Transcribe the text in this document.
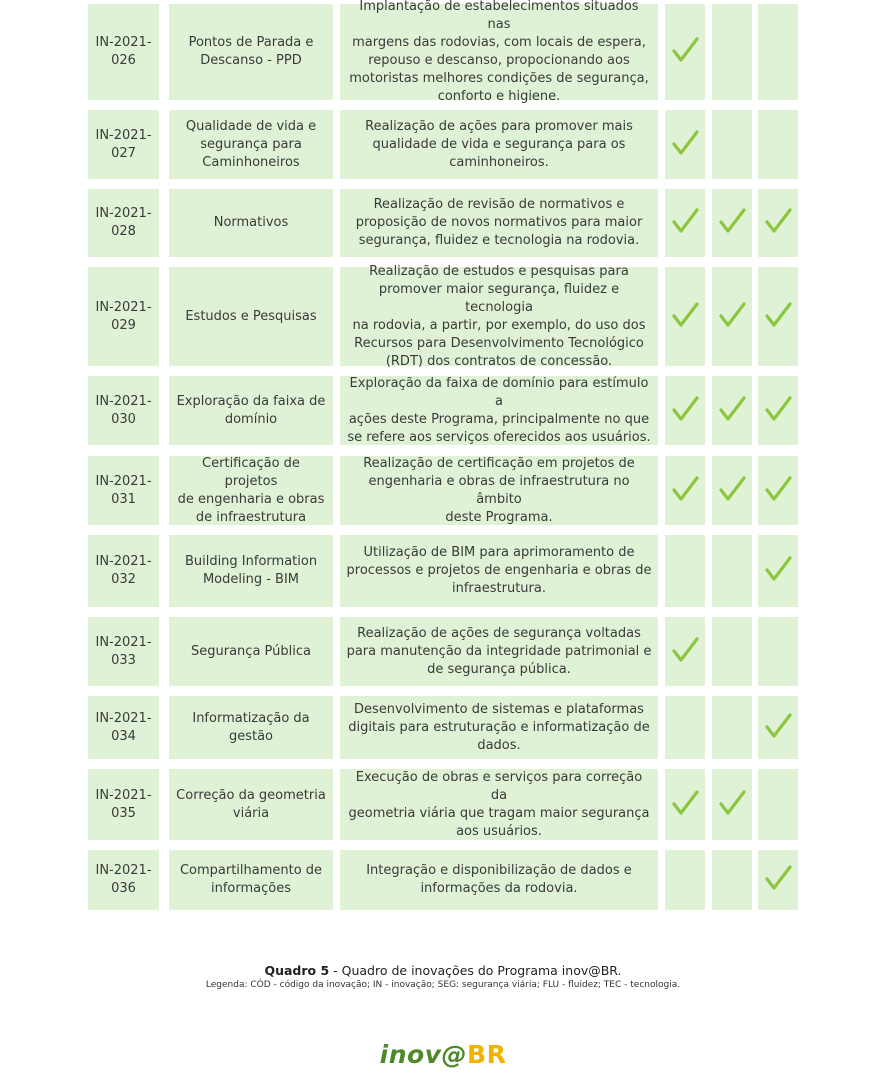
IN-2021-
026
Pontos de Parada e
Descanso - PPD
Implantação de estabelecimentos situados nas
margens das rodovias, com locais de espera,
repouso e descanso, propocionando aos
motoristas melhores condições de segurança,
conforto e higiene.
IN-2021-
027
Qualidade de vida e
segurança para
Caminhoneiros
Realização de ações para promover mais
qualidade de vida e segurança para os
caminhoneiros.
IN-2021-
028
Normativos
Realização de revisão de normativos e
proposição de novos normativos para maior
segurança, fluidez e tecnologia na rodovia.
IN-2021-
029
Estudos e Pesquisas
Realização de estudos e pesquisas para
promover maior segurança, fluidez e tecnologia
na rodovia, a partir, por exemplo, do uso dos
Recursos para Desenvolvimento Tecnológico
(RDT) dos contratos de concessão.
IN-2021-
030
Exploração da faixa de
domínio
Exploração da faixa de domínio para estímulo a
ações deste Programa, principalmente no que
se refere aos serviços oferecidos aos usuários.
IN-2021-
031
Certificação de projetos
de engenharia e obras
de infraestrutura
Realização de certificação em projetos de
engenharia e obras de infraestrutura no âmbito
deste Programa.
IN-2021-
032
Building Information
Modeling - BIM
Utilização de BIM para aprimoramento de
processos e projetos de engenharia e obras de
infraestrutura.
IN-2021-
033
Segurança Pública
Realização de ações de segurança voltadas
para manutenção da integridade patrimonial e
de segurança pública.
IN-2021-
034
Informatização da
gestão
Desenvolvimento de sistemas e plataformas
digitais para estruturação e informatização de
dados.
IN-2021-
035
Correção da geometria
viária
Execução de obras e serviços para correção da
geometria viária que tragam maior segurança
aos usuários.
IN-2021-
036
Compartilhamento de
informações
Integração e disponibilização de dados e
informações da rodovia.
Quadro 5 - Quadro de inovações do Programa inov@BR.
Legenda: CÓD - código da inovação; IN - inovação; SEG: segurança viária; FLU - fluidez; TEC - tecnologia.
inov@BR
